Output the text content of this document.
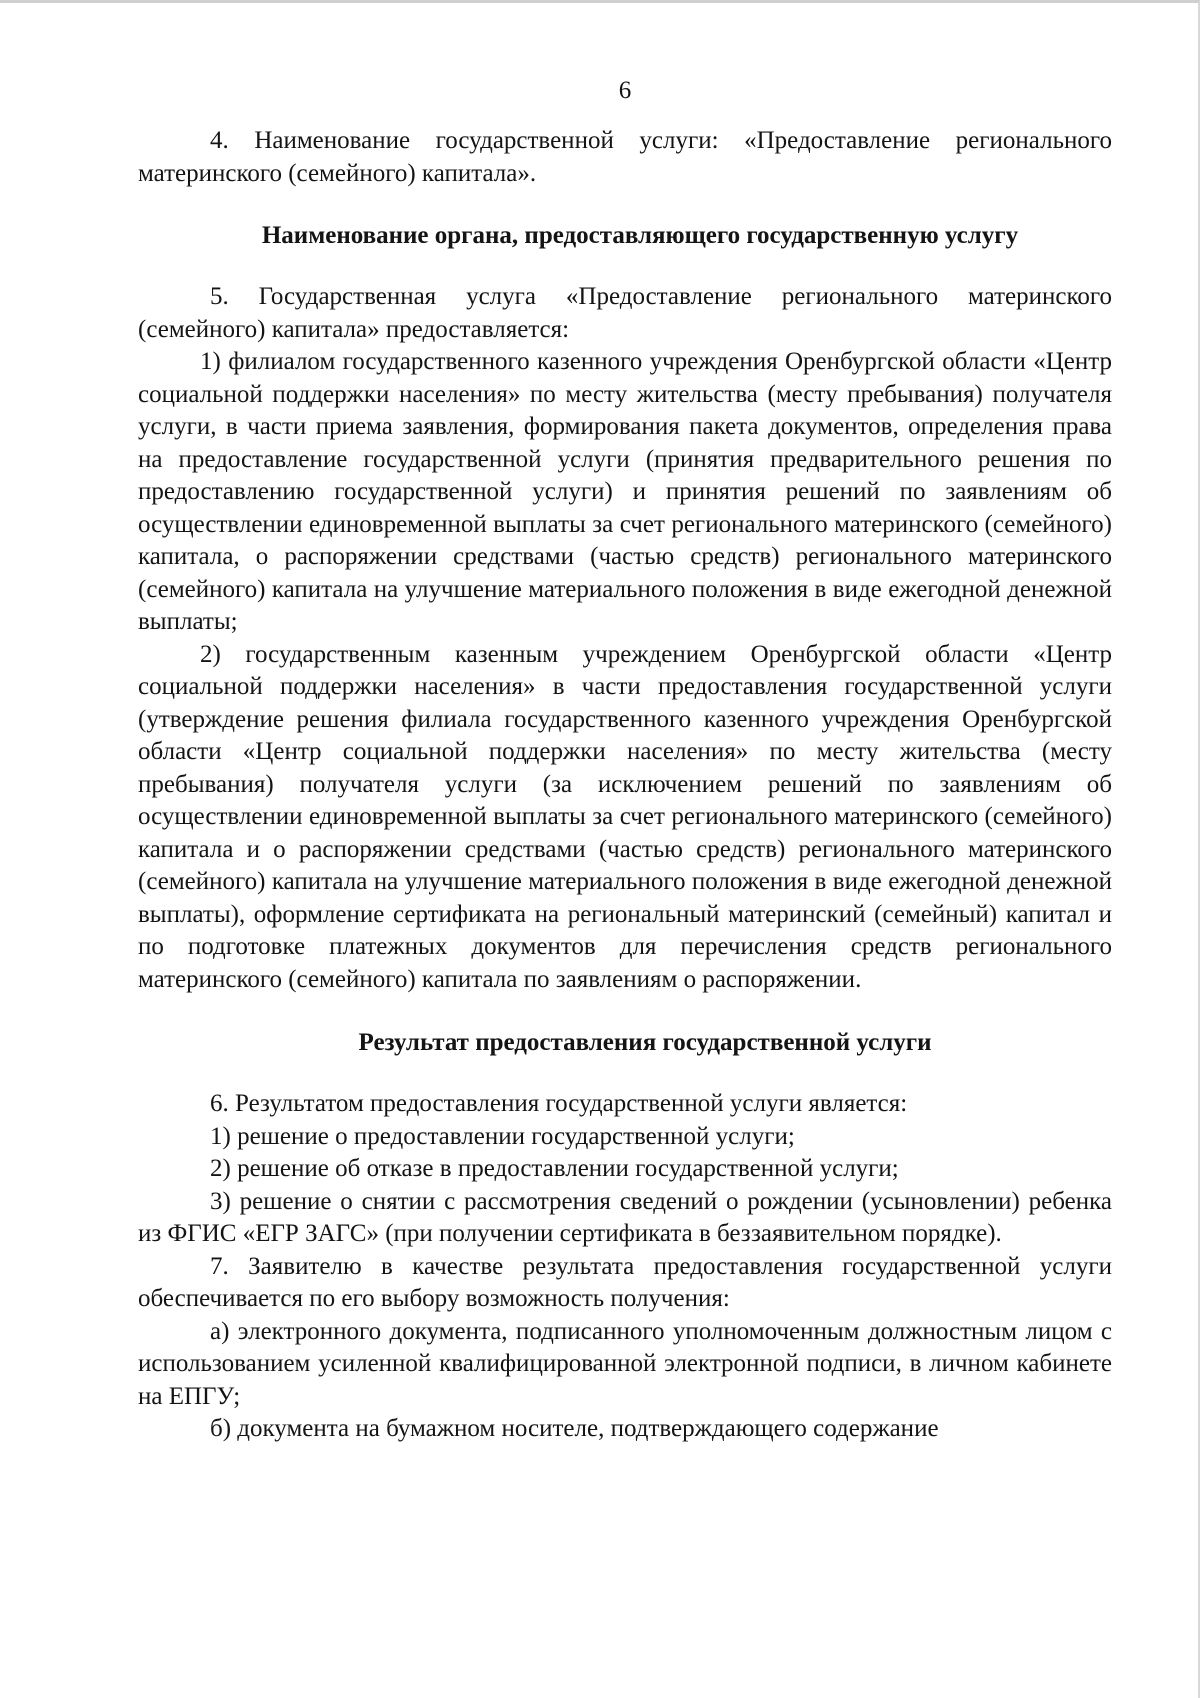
6

4. Наименование государственной услуги: «Предоставление регионального материнского (семейного) капитала».

Наименование органа, предоставляющего государственную услугу

5. Государственная услуга «Предоставление регионального материнского (семейного) капитала» предоставляется:

1) филиалом государственного казенного учреждения Оренбургской области «Центр социальной поддержки населения» по месту жительства (месту пребывания) получателя услуги, в части приема заявления, формирования пакета документов, определения права на предоставление государственной услуги (принятия предварительного решения по предоставлению государственной услуги) и принятия решений по заявлениям об осуществлении единовременной выплаты за счет регионального материнского (семейного) капитала, о распоряжении средствами (частью средств) регионального материнского (семейного) капитала на улучшение материального положения в виде ежегодной денежной выплаты;

2) государственным казенным учреждением Оренбургской области «Центр социальной поддержки населения» в части предоставления государственной услуги (утверждение решения филиала государственного казенного учреждения Оренбургской области «Центр социальной поддержки населения» по месту жительства (месту пребывания) получателя услуги (за исключением решений по заявлениям об осуществлении единовременной выплаты за счет регионального материнского (семейного) капитала и о распоряжении средствами (частью средств) регионального материнского (семейного) капитала на улучшение материального положения в виде ежегодной денежной выплаты), оформление сертификата на региональный материнский (семейный) капитал и по подготовке платежных документов для перечисления средств регионального материнского (семейного) капитала по заявлениям о распоряжении.

Результат предоставления государственной услуги

6. Результатом предоставления государственной услуги является:

1) решение о предоставлении государственной услуги;

2) решение об отказе в предоставлении государственной услуги;

3) решение о снятии с рассмотрения сведений о рождении (усыновлении) ребенка из ФГИС «ЕГР ЗАГС» (при получении сертификата в беззаявительном порядке).

7. Заявителю в качестве результата предоставления государственной услуги обеспечивается по его выбору возможность получения:

а) электронного документа, подписанного уполномоченным должностным лицом с использованием усиленной квалифицированной электронной подписи, в личном кабинете на ЕПГУ;

б) документа на бумажном носителе, подтверждающего содержание
